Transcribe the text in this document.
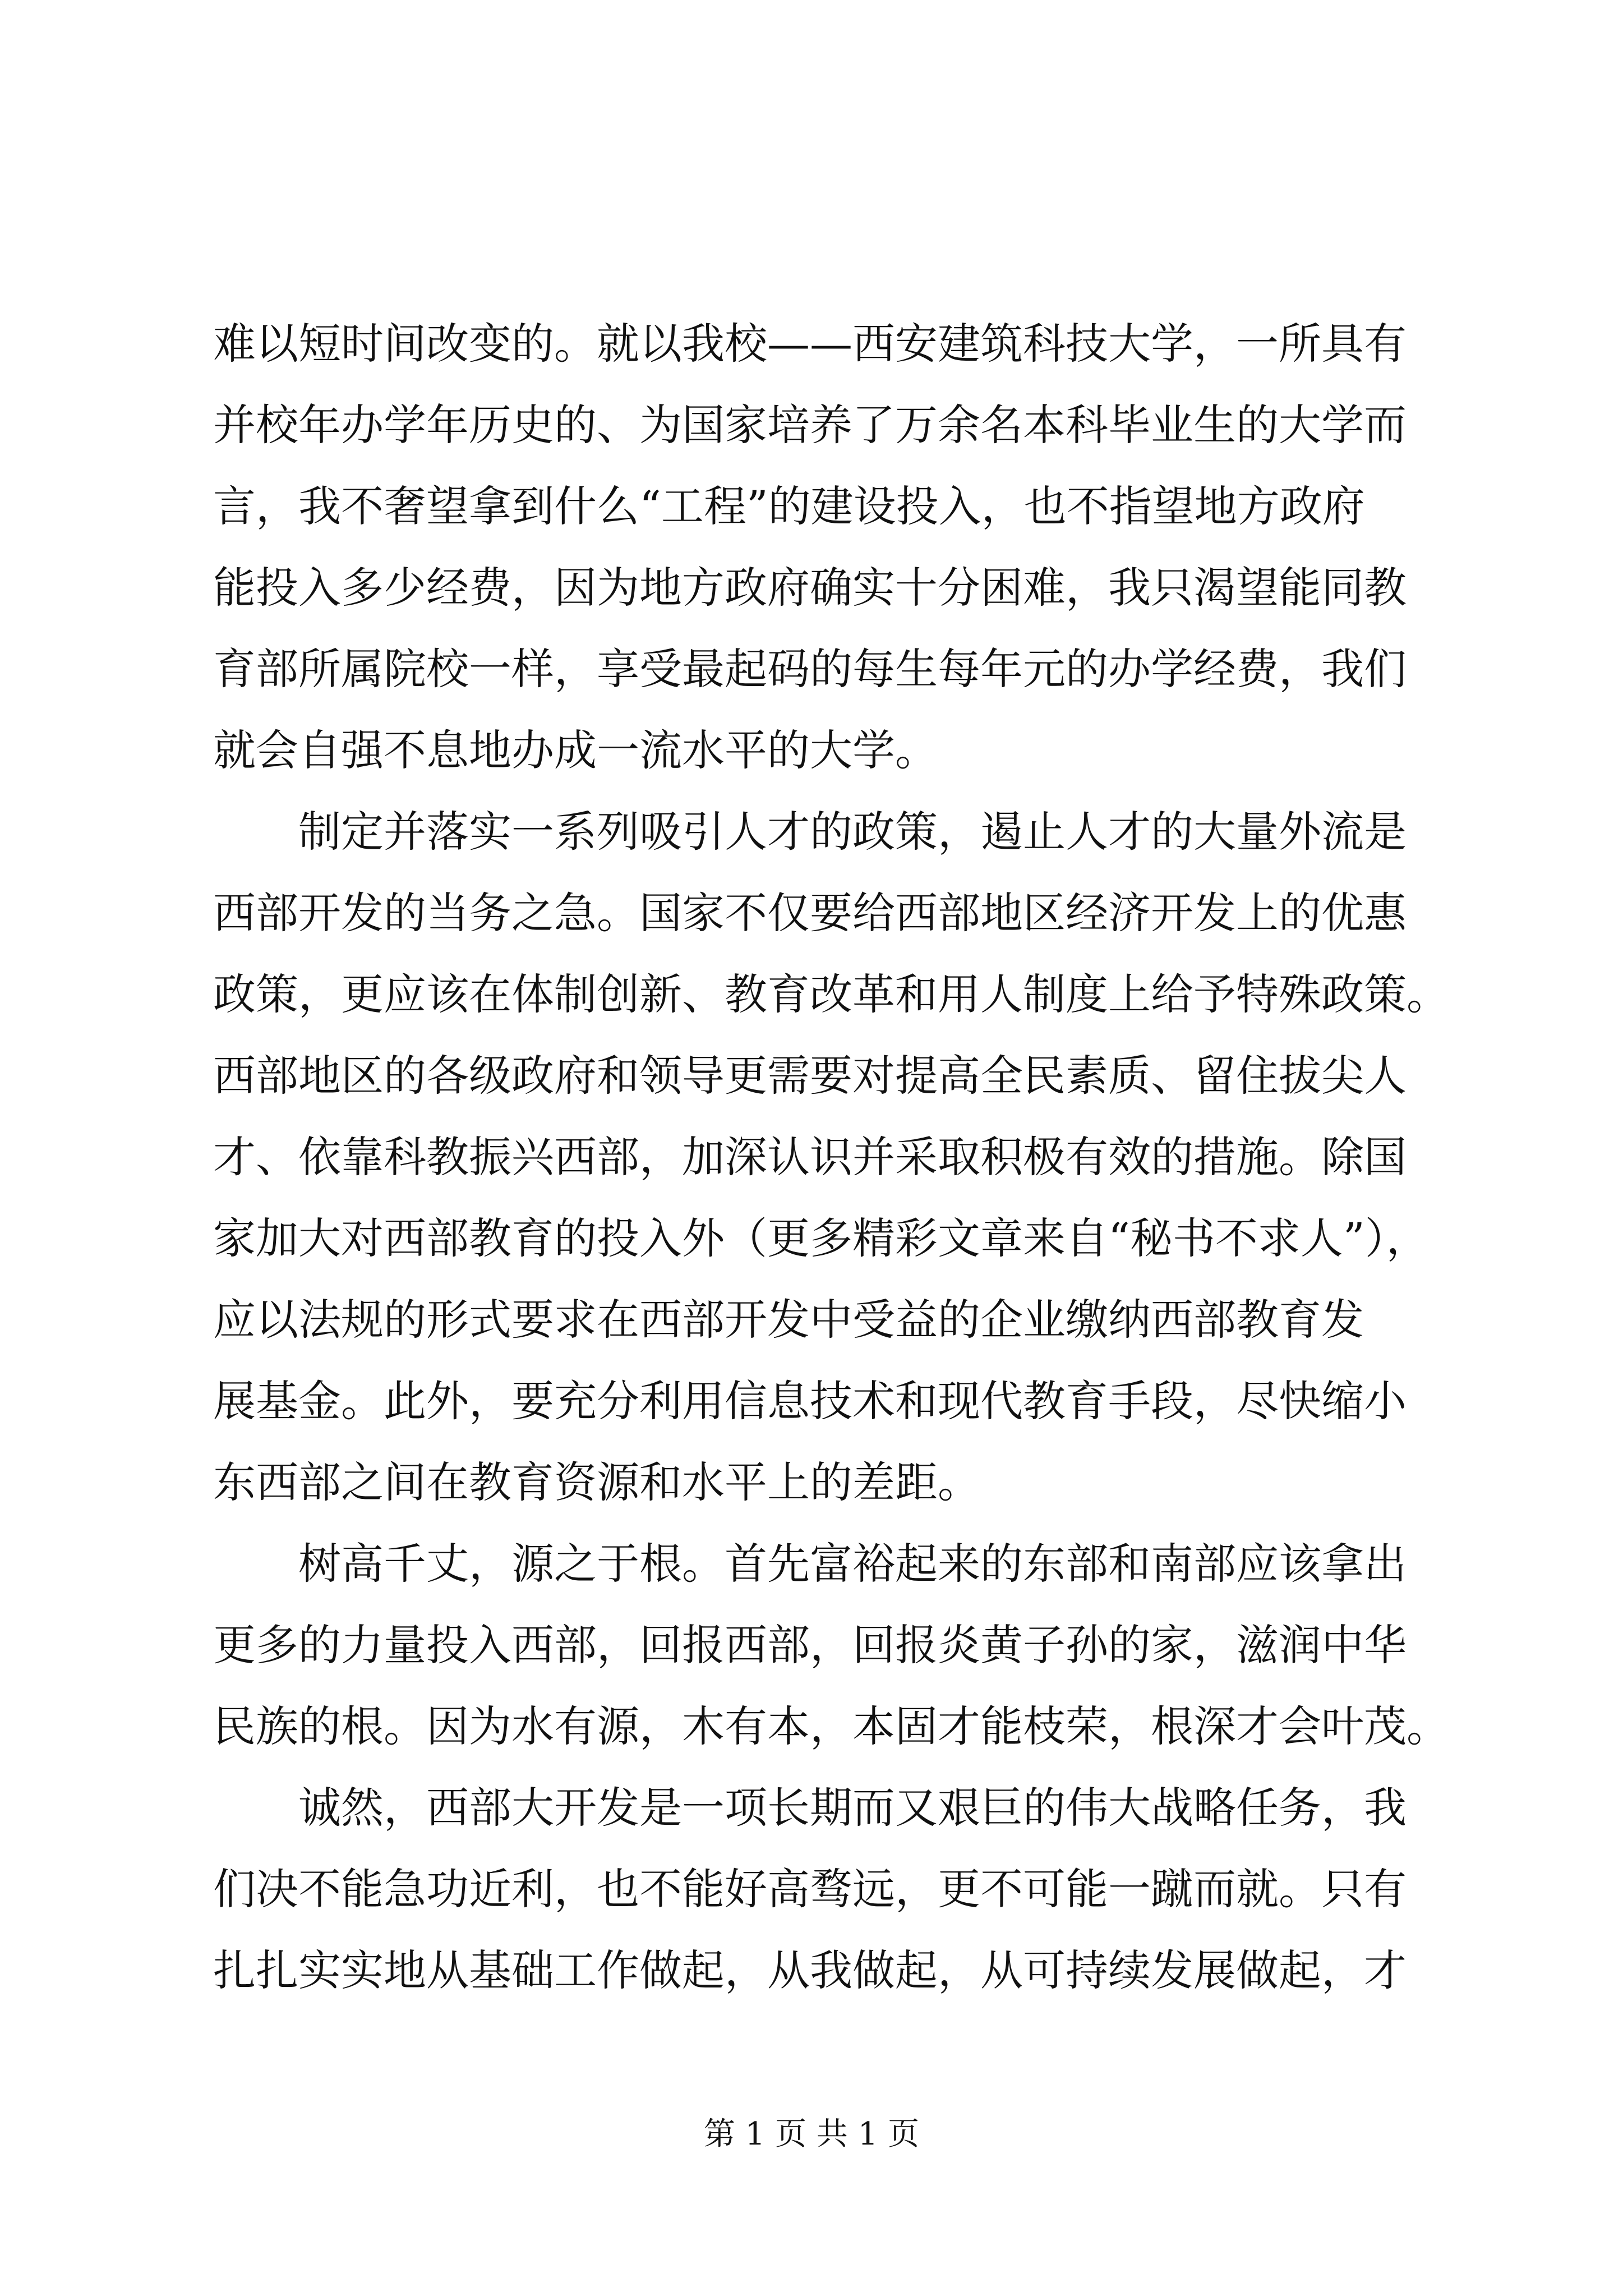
难以短时间改变的。就以我校——西安建筑科技大学，一所具有
并校年办学年历史的、为国家培养了万余名本科毕业生的大学而
言，我不奢望拿到什么“工程”的建设投入，也不指望地方政府
能投入多少经费，因为地方政府确实十分困难，我只渴望能同教
育部所属院校一样，享受最起码的每生每年元的办学经费，我们
就会自强不息地办成一流水平的大学。
制定并落实一系列吸引人才的政策，遏止人才的大量外流是
西部开发的当务之急。国家不仅要给西部地区经济开发上的优惠
政策，更应该在体制创新、教育改革和用人制度上给予特殊政策。
西部地区的各级政府和领导更需要对提高全民素质、留住拔尖人
才、依靠科教振兴西部，加深认识并采取积极有效的措施。除国
家加大对西部教育的投入外（更多精彩文章来自“秘书不求人”），
应以法规的形式要求在西部开发中受益的企业缴纳西部教育发
展基金。此外，要充分利用信息技术和现代教育手段，尽快缩小
东西部之间在教育资源和水平上的差距。
树高千丈，源之于根。首先富裕起来的东部和南部应该拿出
更多的力量投入西部，回报西部，回报炎黄子孙的家，滋润中华
民族的根。因为水有源，木有本，本固才能枝荣，根深才会叶茂。
诚然，西部大开发是一项长期而又艰巨的伟大战略任务，我
们决不能急功近利，也不能好高骛远，更不可能一蹴而就。只有
扎扎实实地从基础工作做起，从我做起，从可持续发展做起，才
第 1 页 共 1 页
